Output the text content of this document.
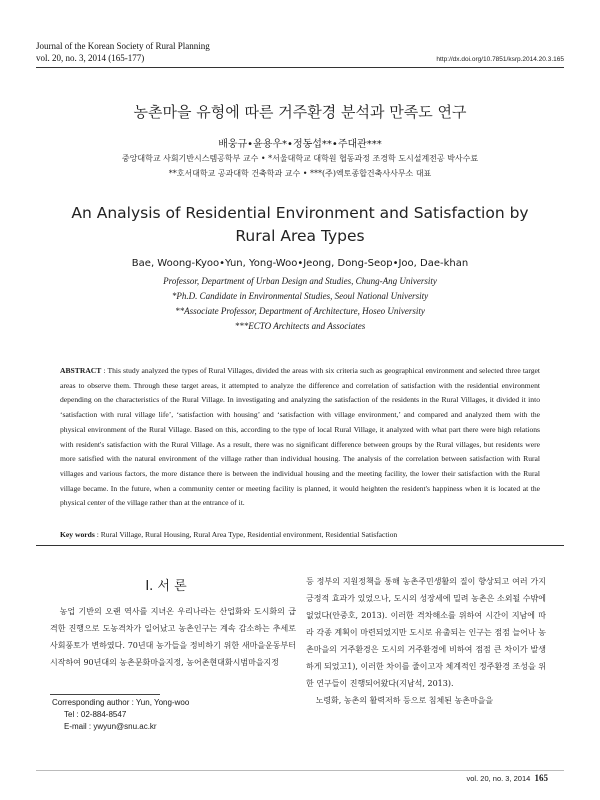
Journal of the Korean Society of Rural Planning
vol. 20, no. 3, 2014 (165-177)	http://dx.doi.org/10.7851/ksrp.2014.20.3.165
농촌마을 유형에 따른 거주환경 분석과 만족도 연구
배웅규•윤용우*•정동섭**•주대관***
중앙대학교 사회기반시스템공학부 교수 • *서울대학교 대학원 협동과정 조경학 도시설계전공 박사수료
**호서대학교 공과대학 건축학과 교수 • ***(주)엑토종합건축사사무소 대표
An Analysis of Residential Environment and Satisfaction by
Rural Area Types
Bae, Woong-Kyoo•Yun, Yong-Woo•Jeong, Dong-Seop•Joo, Dae-khan
Professor, Department of Urban Design and Studies, Chung-Ang University
*Ph.D. Candidate in Environmental Studies, Seoul National University
**Associate Professor, Department of Architecture, Hoseo University
***ECTO Architects and Associates
ABSTRACT : This study analyzed the types of Rural Villages, divided the areas with six criteria such as geographical environment and selected three target areas to observe them. Through these target areas, it attempted to analyze the difference and correlation of satisfaction with the residential environment depending on the characteristics of the Rural Village. In investigating and analyzing the satisfaction of the residents in the Rural Villages, it divided it into ‘satisfaction with rural village life’, ‘satisfaction with housing’ and ‘satisfaction with village environment,’ and compared and analyzed them with the physical environment of the Rural Village. Based on this, according to the type of local Rural Village, it analyzed with what part there were high relations with resident's satisfaction with the Rural Village. As a result, there was no significant difference between groups by the Rural villages, but residents were more satisfied with the natural environment of the village rather than individual housing. The analysis of the correlation between satisfaction with Rural villages and various factors, the more distance there is between the individual housing and the meeting facility, the lower their satisfaction with the Rural village became. In the future, when a community center or meeting facility is planned, it would heighten the resident's happiness when it is located at the physical center of the village rather than at the entrance of it.
Key words : Rural Village, Rural Housing, Rural Area Type, Residential environment, Residential Satisfaction
I. 서 론

농업 기반의 오랜 역사를 지녀온 우리나라는 산업화와 도시화의 급격한 진행으로 도농격차가 일어났고 농촌인구는 계속 감소하는 추세로 사회풍토가 변하였다. 70년대 농가들을 정비하기 위한 새마을운동부터 시작하여 90년대의 농촌문화마을지정, 농어촌현대화시범마을지정

등 정부의 지원정책을 통해 농촌주민생활의 질이 향상되고 여러 가지 긍정적 효과가 있었으나, 도시의 성장세에 밀려 농촌은 소외될 수밖에 없었다(안중호, 2013). 이러한 격차해소를 위하여 시간이 지남에 따라 각종 계획이 마련되었지만 도시로 유출되는 인구는 점점 늘어나 농촌마을의 거주환경은 도시의 거주환경에 비하여 점점 큰 차이가 발생하게 되었고1), 이러한 차이를 줄이고자 체계적인 정주환경 조성을 위한 연구들이 진행되어왔다(지남석, 2013).

노령화, 농촌의 활력저하 등으로 침체된 농촌마을을

Corresponding author : Yun, Yong-woo
Tel : 02-884-8547
E-mail : ywyun@snu.ac.kr
vol. 20, no. 3, 2014 165
